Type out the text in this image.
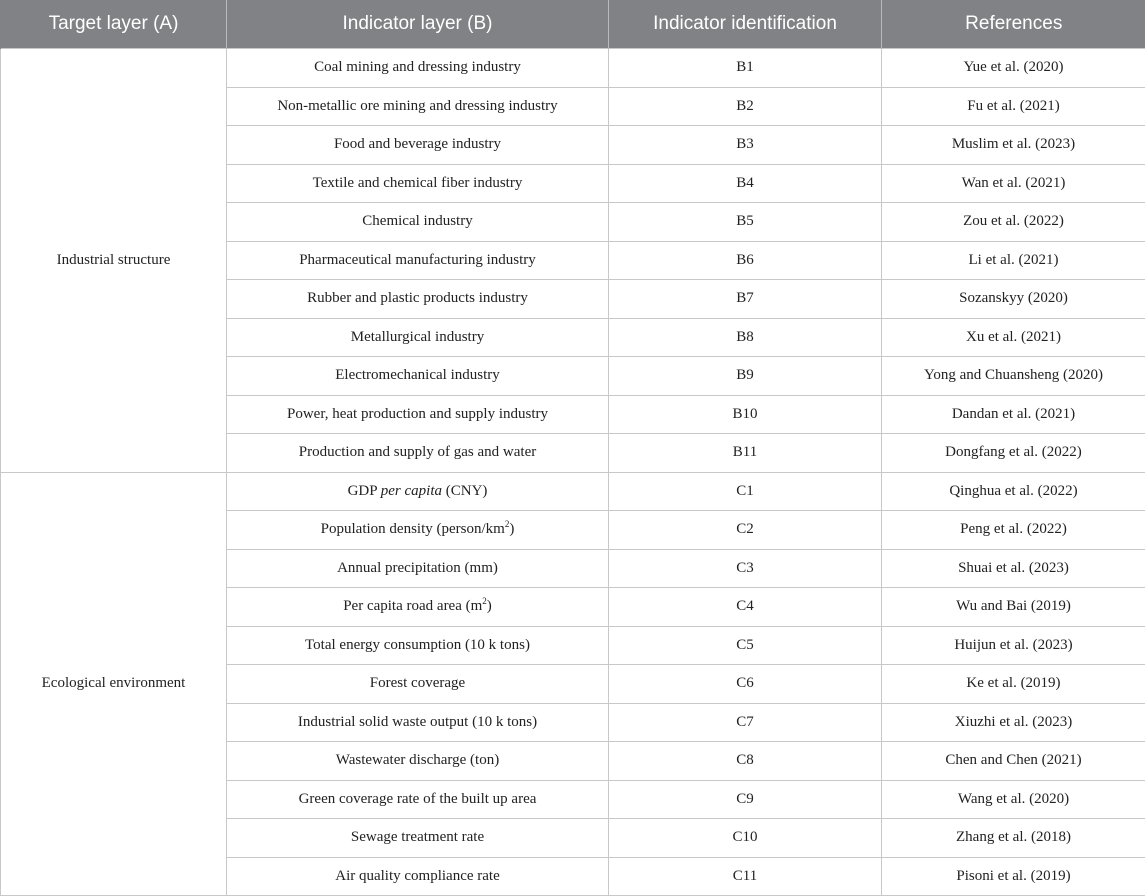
Target layer (A)	Indicator layer (B)	Indicator identification	References
Industrial structure	Coal mining and dressing industry	B1	Yue et al. (2020)
	Non-metallic ore mining and dressing industry	B2	Fu et al. (2021)
	Food and beverage industry	B3	Muslim et al. (2023)
	Textile and chemical fiber industry	B4	Wan et al. (2021)
	Chemical industry	B5	Zou et al. (2022)
	Pharmaceutical manufacturing industry	B6	Li et al. (2021)
	Rubber and plastic products industry	B7	Sozanskyy (2020)
	Metallurgical industry	B8	Xu et al. (2021)
	Electromechanical industry	B9	Yong and Chuansheng (2020)
	Power, heat production and supply industry	B10	Dandan et al. (2021)
	Production and supply of gas and water	B11	Dongfang et al. (2022)
Ecological environment	GDP per capita (CNY)	C1	Qinghua et al. (2022)
	Population density $(person/km^2)$	C2	Peng et al. (2022)
	Annual precipitation (mm)	C3	Shuai et al. (2023)
	Per capita road area $(m^2)$	C4	Wu and Bai (2019)
	Total energy consumption (10 k tons)	C5	Huijun et al. (2023)
	Forest coverage	C6	Ke et al. (2019)
	Industrial solid waste output (10 k tons)	C7	Xiuzhi et al. (2023)
	Wastewater discharge (ton)	C8	Chen and Chen (2021)
	Green coverage rate of the built up area	C9	Wang et al. (2020)
	Sewage treatment rate	C10	Zhang et al. (2018)
	Air quality compliance rate	C11	Pisoni et al. (2019)
